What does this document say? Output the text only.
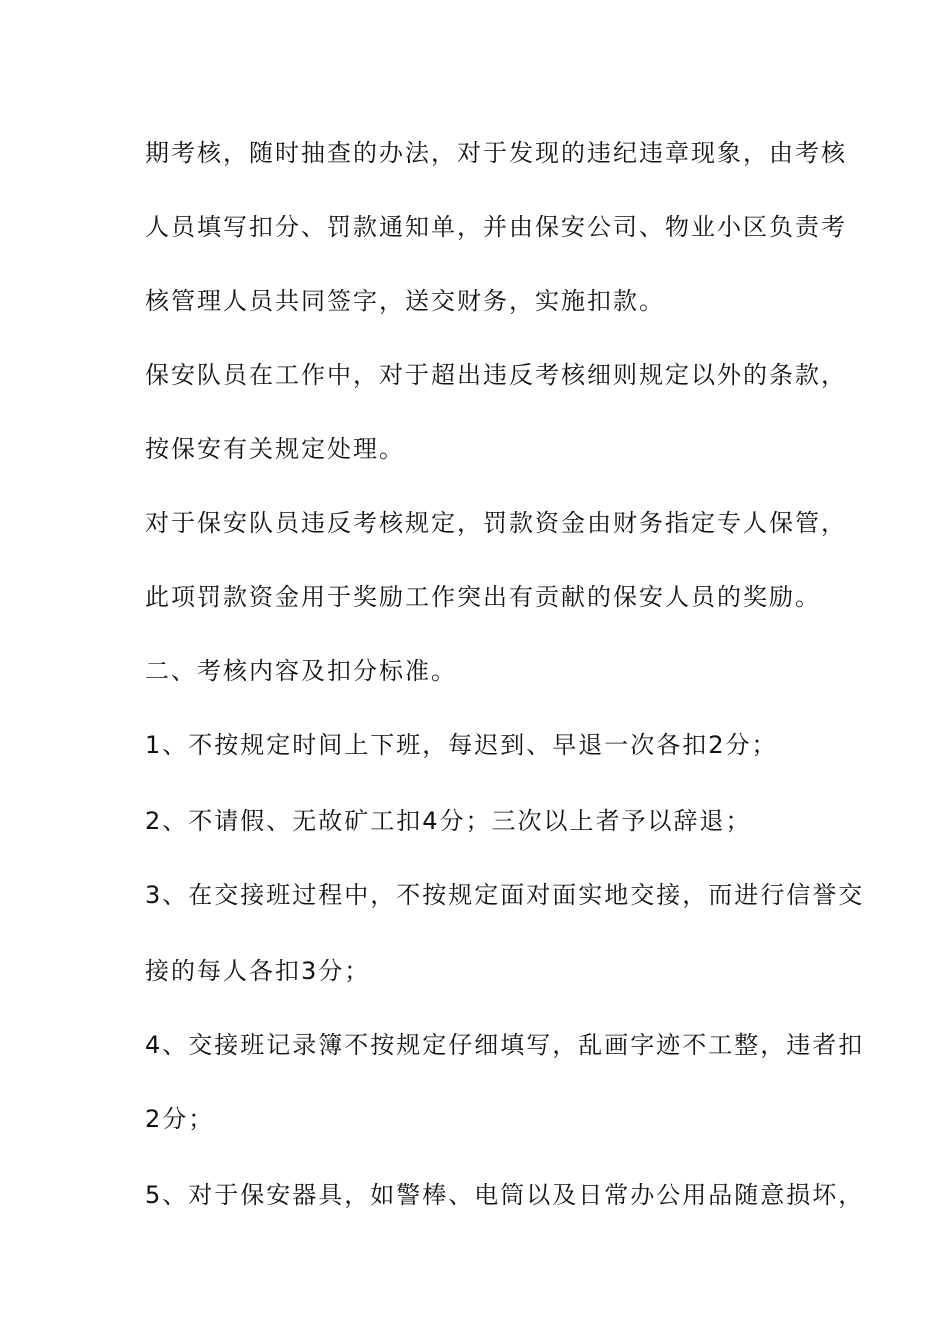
期考核，随时抽查的办法，对于发现的违纪违章现象，由考核
人员填写扣分、罚款通知单，并由保安公司、物业小区负责考
核管理人员共同签字，送交财务，实施扣款。
保安队员在工作中，对于超出违反考核细则规定以外的条款，
按保安有关规定处理。
对于保安队员违反考核规定，罚款资金由财务指定专人保管，
此项罚款资金用于奖励工作突出有贡献的保安人员的奖励。
二、考核内容及扣分标准。
1、不按规定时间上下班，每迟到、早退一次各扣2分；
2、不请假、无故矿工扣4分；三次以上者予以辞退；
3、在交接班过程中，不按规定面对面实地交接，而进行信誉交
接的每人各扣3分；
4、交接班记录簿不按规定仔细填写，乱画字迹不工整，违者扣
2分；
5、对于保安器具，如警棒、电筒以及日常办公用品随意损坏，
